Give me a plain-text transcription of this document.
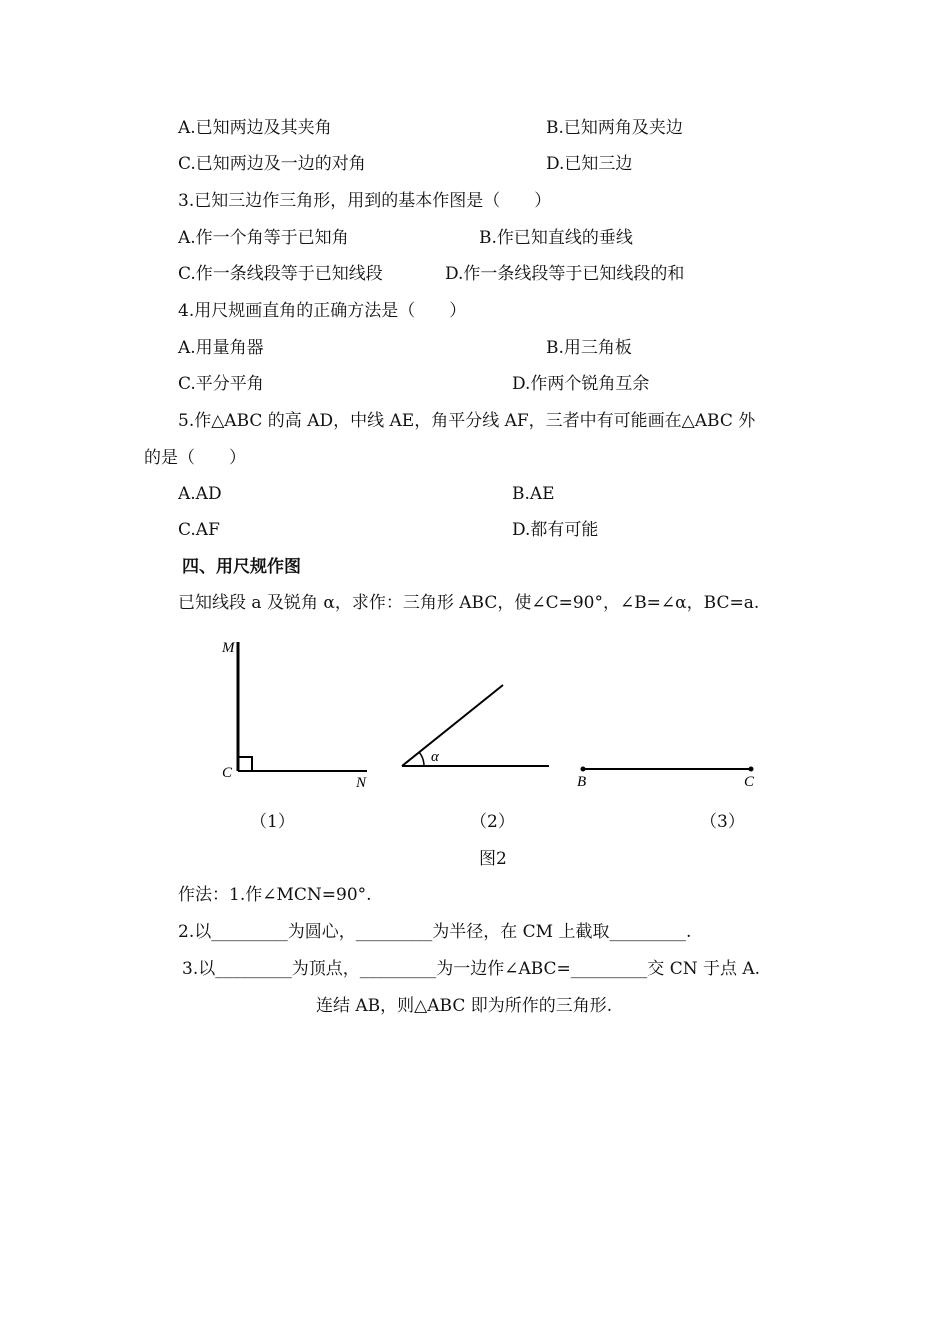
A.已知两边及其夹角	B.已知两角及夹边
C.已知两边及一边的对角	D.已知三边
3.已知三边作三角形，用到的基本作图是（　　）
A.作一个角等于已知角	B.作已知直线的垂线
C.作一条线段等于已知线段	D.作一条线段等于已知线段的和
4.用尺规画直角的正确方法是（　　）
A.用量角器	B.用三角板
C.平分平角	D.作两个锐角互余
5.作△ABC 的高 AD，中线 AE，角平分线 AF，三者中有可能画在△ABC 外
的是（　　）
A.AD	B.AE
C.AF	D.都有可能
四、用尺规作图
已知线段 a 及锐角 α，求作：三角形 ABC，使∠C=90°，∠B=∠α，BC=a.
M
C
N
α
B	C
（1）	（2）	（3）
图2
作法：1.作∠MCN=90°.
2.以_________为圆心，_________为半径，在 CM 上截取_________.
3.以_________为顶点，_________为一边作∠ABC=_________交 CN 于点 A.
连结 AB，则△ABC 即为所作的三角形.
